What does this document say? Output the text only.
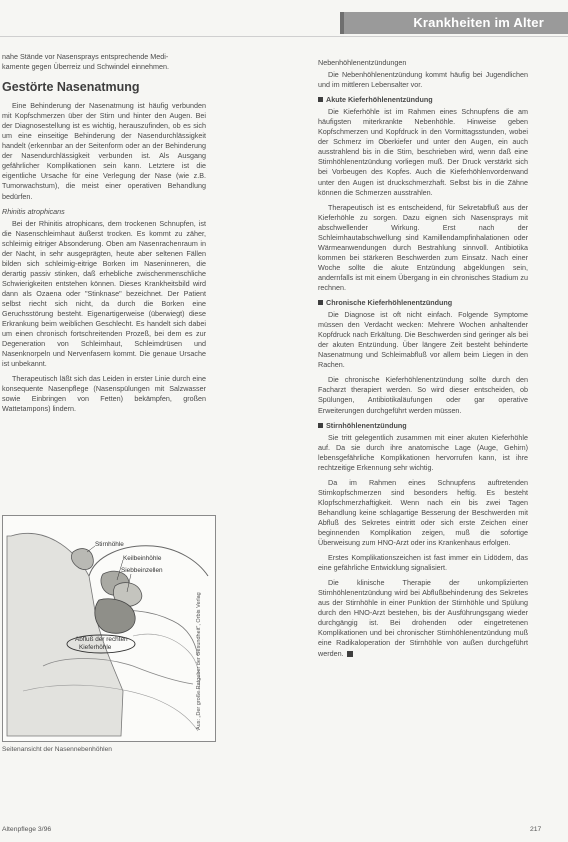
Krankheiten im Alter

nahe Stände vor Nasensprays entsprechende Medi-

kamente gegen Überreiz und Schwindel einnehmen.

Gestörte Nasenatmung

Eine Behinderung der Nasenatmung ist häufig verbunden mit Kopfschmerzen über der Stirn und hinter den Augen. Bei der Diagnosestellung ist es wichtig, herauszufinden, ob es sich um eine einseitige Behinderung der Nasendurchlässigkeit handelt (erkennbar an der Seitenform oder an der Behinderung der Nasendurchlässigkeit verbunden ist. Als Ausgang gefährlicher Komplikationen sein kann. Letztere ist die eigentliche Ursache für eine Verlegung der Nase (wie z.B. Tumorwachstum), die meist einer operativen Behandlung bedürfen.

Rhinitis atrophicans

Bei der Rhinitis atrophicans, dem trockenen Schnupfen, ist die Nasenschleimhaut äußerst trocken. Es kommt zu zäher, schleimig eitriger Absonderung. Oben am Nasenrachenraum in der Nacht, in sehr ausgeprägten, heute aber seltenen Fällen bilden sich schleimig-eitrige Borken im Naseninneren, die derartig passiv stinken, daß erhebliche zwischenmenschliche Schwierigkeiten entstehen können. Dieses Krankheitsbild wird dann als Ozaena oder "Stinknase" bezeichnet. Der Patient selbst riecht sich nicht, da durch die Borken eine Geruchsstörung besteht. Eigenartigerweise (überwiegt) diese Erkrankung beim weiblichen Geschlecht. Es handelt sich dabei um einen chronisch fortschreitenden Prozeß, bei dem es zur Degeneration von Schleimhaut, Schleimdrüsen und Nasenknorpeln und Nervenfasern kommt. Die genaue Ursache ist unbekannt.

Therapeutisch läßt sich das Leiden in erster Linie durch eine konsequente Nasenpflege (Nasenspülungen mit Salzwasser sowie Einbringen von Fetten) bekämpfen, großen Wattetampons) lindern.

Stirnhöhle
Keilbeinhöhle
Siebbeinzellen
Abfluß der rechten
Kieferhöhle	Aus: „Der große Ratgeber der Gesundheit", Orbis Verlag
Seitenansicht der Nasennebenhöhlen
Nebenhöhlenentzündungen

Die Nebenhöhlenentzündung kommt häufig bei Jugendlichen und im mittleren Lebensalter vor.

Akute Kieferhöhlenentzündung

Die Kieferhöhle ist im Rahmen eines Schnupfens die am häufigsten miterkrankte Nebenhöhle. Hinweise geben Kopfschmerzen und Kopfdruck in den Vormittagsstunden, wobei der Schmerz im Oberkiefer und unter den Augen, ein auch ausstrahlend bis in die Stirn, beschrieben wird, wenn daß eine Stirnhöhlenentzündung vorliegen muß. Der Druck verstärkt sich bei Vorbeugen des Kopfes. Auch die Kieferhöhlenvorderwand unter den Augen ist druckschmerzhaft. Selbst bis in die Zähne können die Schmerzen ausstrahlen.

Therapeutisch ist es entscheidend, für Sekretabfluß aus der Kieferhöhle zu sorgen. Dazu eignen sich Nasensprays mit abschwellender Wirkung. Erst nach der Schleimhautabschwellung sind Kamillendampfinhalationen oder Wärmeanwendungen durch Bestrahlung sinnvoll. Antibiotika kommen bei stärkeren Beschwerden zum Einsatz. Nach einer Woche sollte die akute Entzündung abgeklungen sein, andernfalls ist mit einem Übergang in ein chronisches Stadium zu rechnen.

Chronische Kieferhöhlenentzündung

Die Diagnose ist oft nicht einfach. Folgende Symptome müssen den Verdacht wecken: Mehrere Wochen anhaltender Kopfdruck nach Erkältung. Die Beschwerden sind geringer als bei der akuten Entzündung. Über längere Zeit besteht behinderte Nasenatmung und Schleimabfluß vor allem beim Liegen in den Rachen.

Die chronische Kieferhöhlenentzündung sollte durch den Facharzt therapiert werden. So wird dieser entscheiden, ob Spülungen, Antibiotikaläufungen oder gar operative Erweiterungen durchgeführt werden müssen.

Stirnhöhlenentzündung

Sie tritt gelegentlich zusammen mit einer akuten Kieferhöhle auf. Da sie durch ihre anatomische Lage (Auge, Gehirn) lebensgefährliche Komplikationen hervorrufen kann, ist ihre rechtzeitige Erkennung sehr wichtig.

Da im Rahmen eines Schnupfens auftretenden Stirnkopfschmerzen sind besonders heftig. Es besteht Klopfschmerzhaftigkeit. Wenn nach ein bis zwei Tagen Behandlung keine schlagartige Besserung der Beschwerden mit Abfluß des Sekretes eintritt oder sich erste Zeichen einer beginnenden Komplikation zeigen, muß die sofortige Überweisung zum HNO-Arzt oder ins Krankenhaus erfolgen.

Erstes Komplikationszeichen ist fast immer ein Lidödem, das eine gefährliche Entwicklung signalisiert.

Die klinische Therapie der unkomplizierten Stirnhöhlenentzündung wird bei Abflußbehinderung des Sekretes aus der Stirnhöhle in einer Punktion der Stirnhöhle und Spülung durch den HNO-Arzt bestehen, bis der Ausführungsgang wieder durchgängig ist. Bei drohenden oder eingetretenen Komplikationen und bei chronischer Stirnhöhlenentzündung muß eine Radikaloperation der Stirnhöhle von außen durchgeführt werden.

Altenpflege 3/96	217
